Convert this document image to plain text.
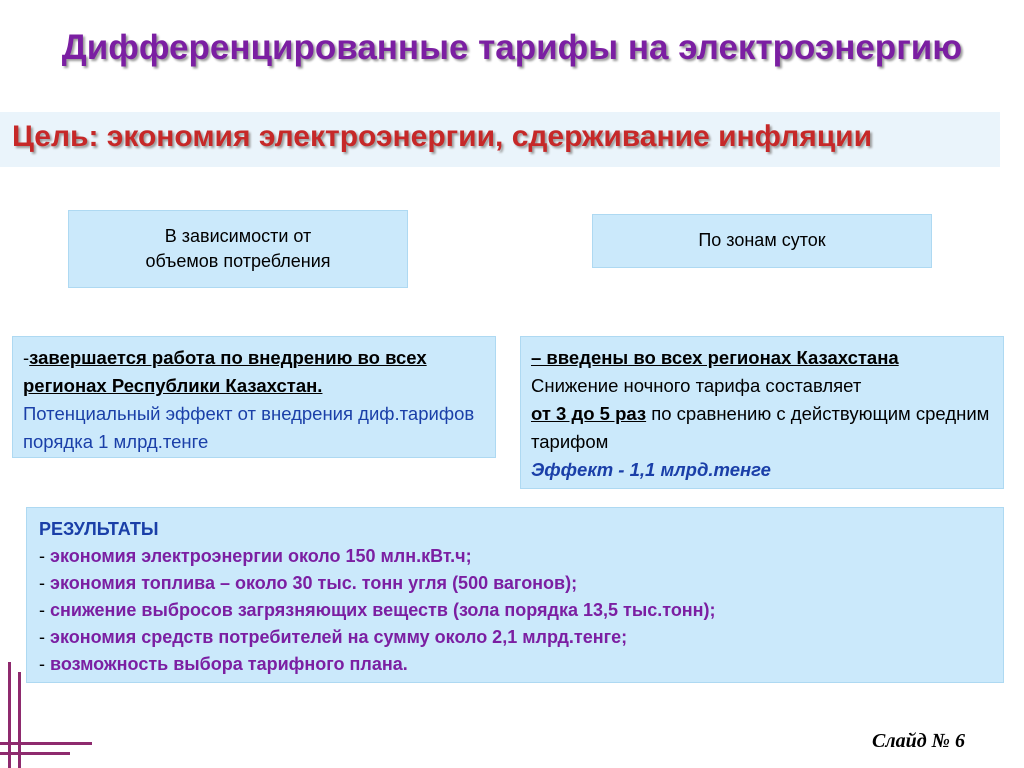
Дифференцированные тарифы на электроэнергию
Цель: экономия электроэнергии, сдерживание инфляции
В зависимости от
объемов потребления
По зонам суток
-завершается работа по внедрению во всех регионах Республики Казахстан.
Потенциальный эффект от внедрения диф.тарифов порядка 1 млрд.тенге
– введены во всех регионах Казахстана
Снижение ночного тарифа составляет
от 3 до 5 раз по сравнению с действующим средним тарифом
Эффект - 1,1 млрд.тенге
РЕЗУЛЬТАТЫ
- экономия электроэнергии около 150 млн.кВт.ч;
- экономия топлива – около 30 тыс. тонн угля (500 вагонов);
- снижение выбросов загрязняющих веществ (зола порядка 13,5 тыс.тонн);
- экономия средств потребителей на сумму около 2,1 млрд.тенге;
- возможность выбора тарифного плана.
Слайд № 6
